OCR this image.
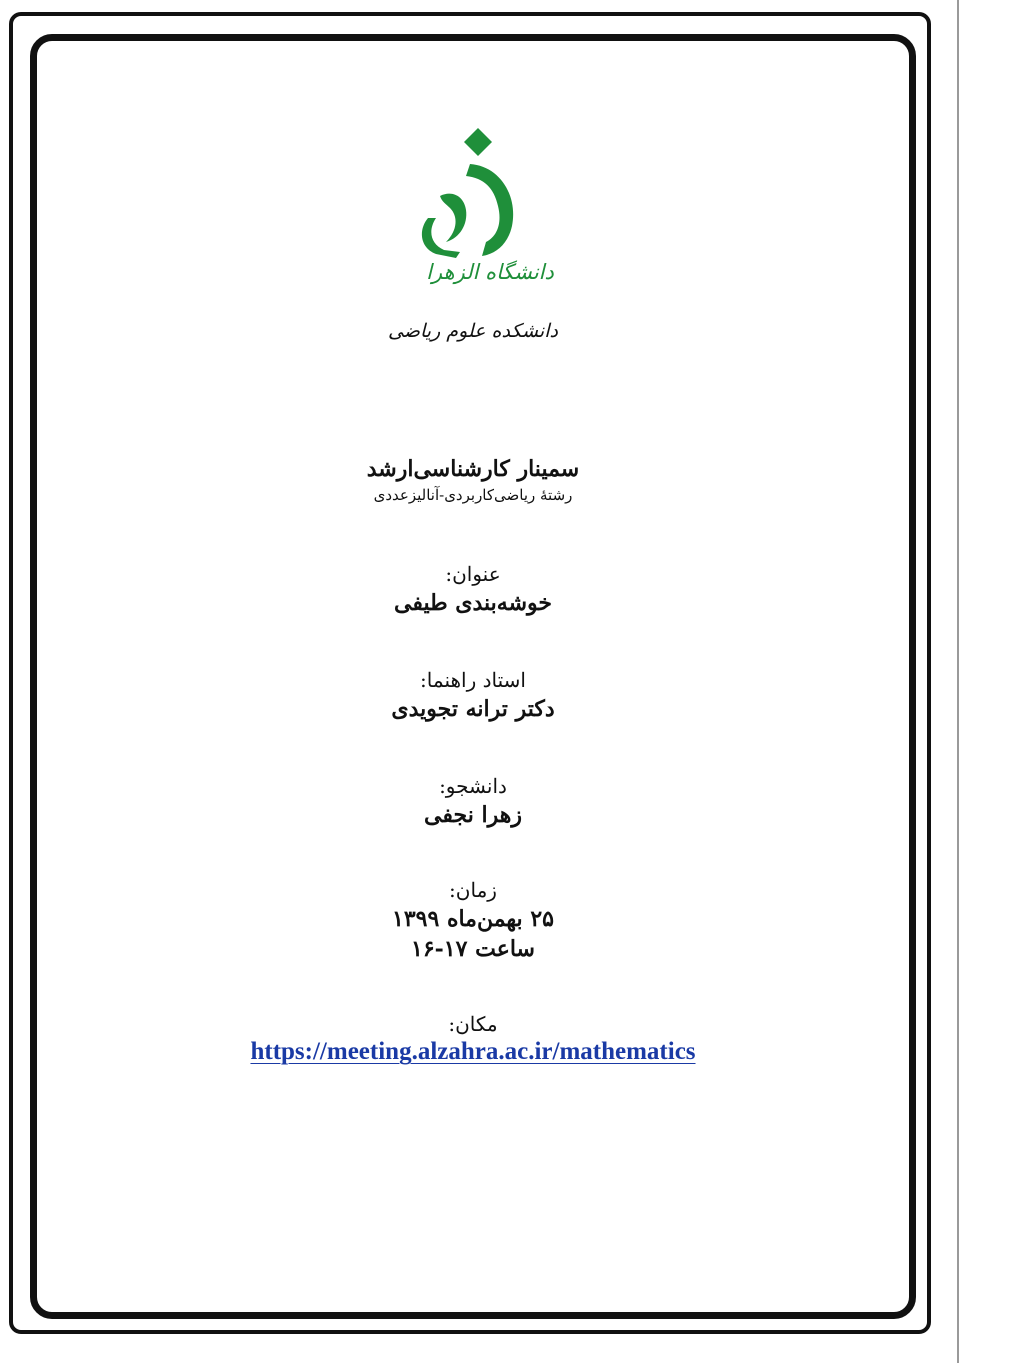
دانشگاه الزهرا
دانشکده علوم ریاضی
سمینار کارشناسی‌ارشد
رشتهٔ ریاضی‌کاربردی-آنالیزعددی
عنوان:
خوشه‌بندی طیفی
استاد راهنما:
دکتر ترانه تجویدی
دانشجو:
زهرا نجفی
زمان:
۲۵ بهمن‌ماه ۱۳۹۹
ساعت ۱۷-۱۶
مکان:
https://meeting.alzahra.ac.ir/mathematics
